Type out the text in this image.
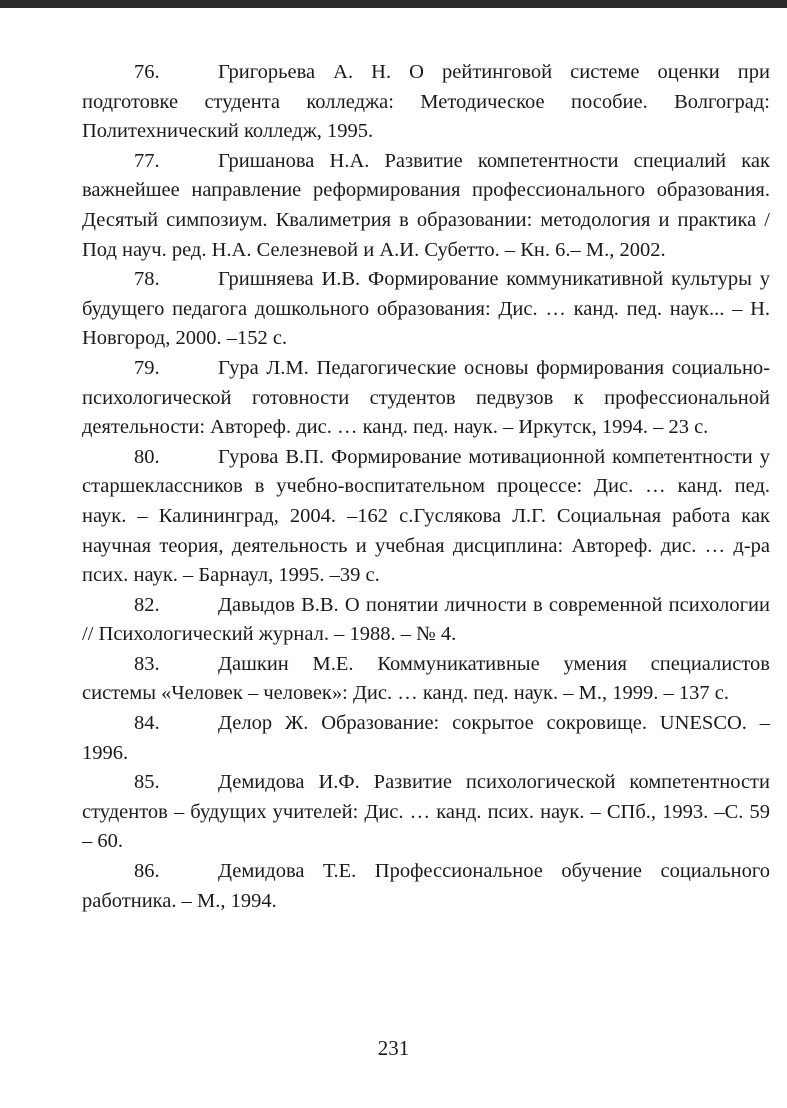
76.	Григорьева А. Н. О рейтинговой системе оценки при подготовке студента колледжа: Методическое пособие. Волгоград: Политехнический колледж, 1995.

77.	Гришанова Н.А. Развитие компетентности специалий как важнейшее направление реформирования профессионального образования. Десятый симпозиум. Квалиметрия в образовании: методология и практика / Под науч. ред. Н.А. Селезневой и А.И. Субетто. – Кн. 6.– М., 2002.

78.	Гришняева И.В. Формирование коммуникативной культуры у будущего педагога дошкольного образования: Дис. … канд. пед. наук... – Н. Новгород, 2000. –152 с.

79.	Гура Л.М. Педагогические основы формирования социально-психологической готовности студентов педвузов к профессиональной деятельности: Автореф. дис. … канд. пед. наук. – Иркутск, 1994. – 23 с.

80.	Гурова В.П. Формирование мотивационной компетентности у старшеклассников в учебно-воспитательном процессе: Дис. … канд. пед. наук. – Калининград, 2004. –162 с.Гуслякова Л.Г. Социальная работа как научная теория, деятельность и учебная дисциплина: Автореф. дис. … д-ра псих. наук. – Барнаул, 1995. –39 с.

82.	Давыдов В.В. О понятии личности в современной психологии // Психологический журнал. – 1988. – № 4.

83.	Дашкин М.Е. Коммуникативные умения специалистов системы «Человек – человек»: Дис. … канд. пед. наук. – М., 1999. – 137 с.

84.	Делор Ж. Образование: сокрытое сокровище. UNESCO. – 1996.

85.	Демидова И.Ф. Развитие психологической компетентности студентов – будущих учителей: Дис. … канд. псих. наук. – СПб., 1993. –С. 59 – 60.

86.	Демидова Т.Е. Профессиональное обучение социального работника. – М., 1994.

231
